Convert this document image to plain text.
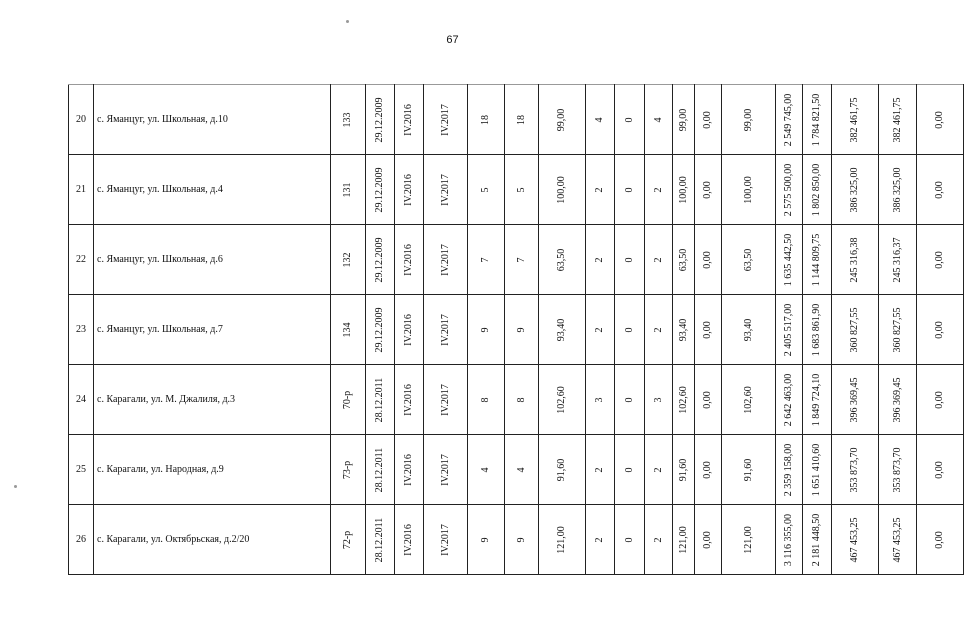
67
20	с. Яманцуг, ул. Школьная, д.10	133	29.12.2009	IV.2016	IV.2017	18	18	99,00	4	0	4	99,00	0,00	99,00	2 549 745,00	1 784 821,50	382 461,75	382 461,75	0,00

21	с. Яманцуг, ул. Школьная, д.4	131	29.12.2009	IV.2016	IV.2017	5	5	100,00	2	0	2	100,00	0,00	100,00	2 575 500,00	1 802 850,00	386 325,00	386 325,00	0,00

22	с. Яманцуг, ул. Школьная, д.6	132	29.12.2009	IV.2016	IV.2017	7	7	63,50	2	0	2	63,50	0,00	63,50	1 635 442,50	1 144 809,75	245 316,38	245 316,37	0,00

23	с. Яманцуг, ул. Школьная, д.7	134	29.12.2009	IV.2016	IV.2017	9	9	93,40	2	0	2	93,40	0,00	93,40	2 405 517,00	1 683 861,90	360 827,55	360 827,55	0,00

24	с. Карагали, ул. М. Джалиля, д.3	70-р	28.12.2011	IV.2016	IV.2017	8	8	102,60	3	0	3	102,60	0,00	102,60	2 642 463,00	1 849 724,10	396 369,45	396 369,45	0,00

25	с. Карагали, ул. Народная, д.9	73-р	28.12.2011	IV.2016	IV.2017	4	4	91,60	2	0	2	91,60	0,00	91,60	2 359 158,00	1 651 410,60	353 873,70	353 873,70	0,00

26	с. Карагали, ул. Октябрьская, д.2/20	72-р	28.12.2011	IV.2016	IV.2017	9	9	121,00	2	0	2	121,00	0,00	121,00	3 116 355,00	2 181 448,50	467 453,25	467 453,25	0,00
